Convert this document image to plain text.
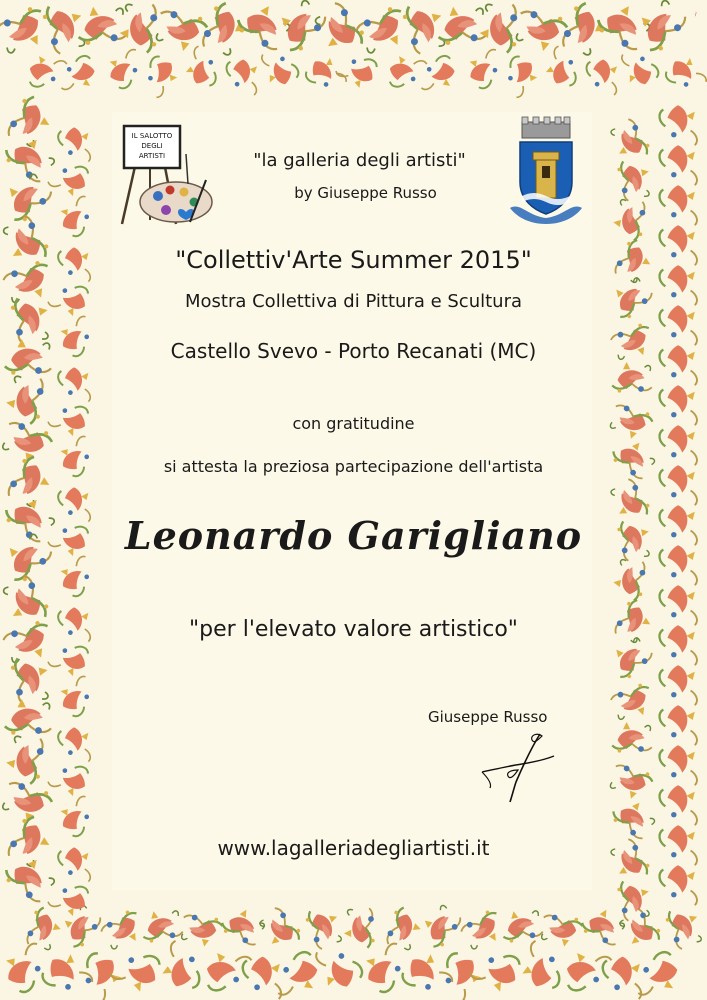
IL SALOTTO
DEGLI
ARTISTI	"la galleria degli artisti"
by Giuseppe Russo
"Collettiv'Arte Summer 2015"
Mostra Collettiva di Pittura e Scultura
Castello Svevo - Porto Recanati (MC)
con gratitudine
si attesta la preziosa partecipazione dell'artista
Leonardo Garigliano
"per l'elevato valore artistico"
Giuseppe Russo
www.lagalleriadegliartisti.it
~
